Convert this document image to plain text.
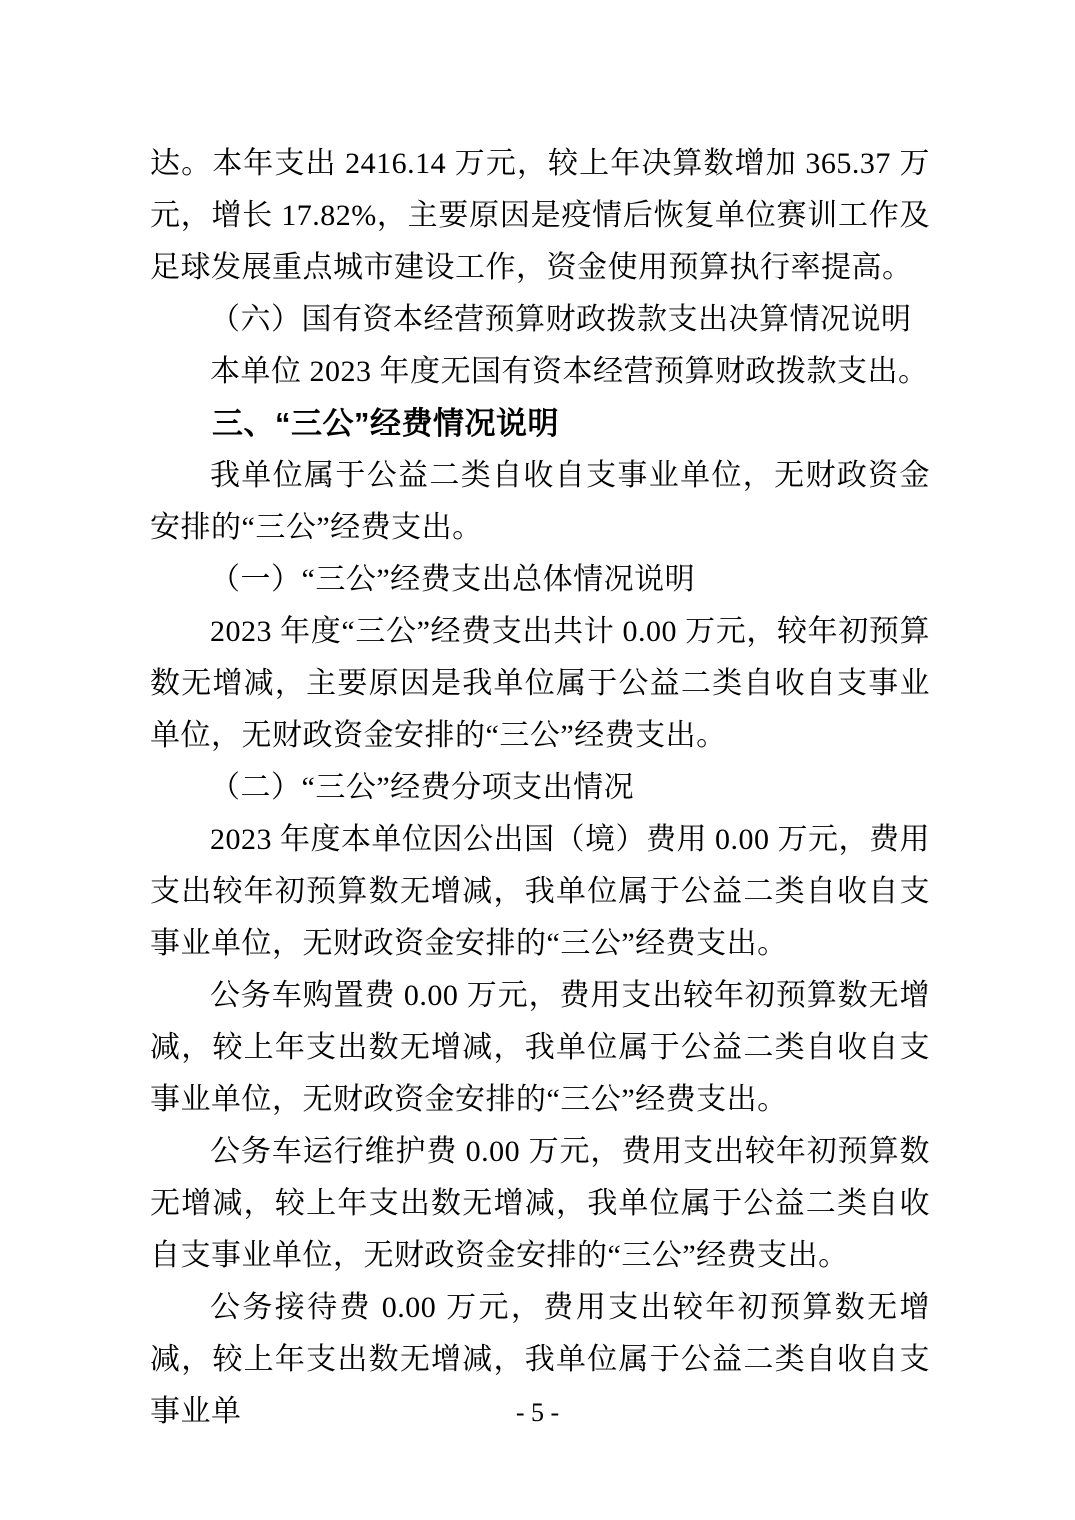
达。本年支出 2416.14 万元，较上年决算数增加 365.37 万元，增长 17.82%，主要原因是疫情后恢复单位赛训工作及足球发展重点城市建设工作，资金使用预算执行率提高。

（六）国有资本经营预算财政拨款支出决算情况说明

本单位 2023 年度无国有资本经营预算财政拨款支出。

三、“三公”经费情况说明

我单位属于公益二类自收自支事业单位，无财政资金安排的“三公”经费支出。

（一）“三公”经费支出总体情况说明

2023 年度“三公”经费支出共计 0.00 万元，较年初预算数无增减，主要原因是我单位属于公益二类自收自支事业单位，无财政资金安排的“三公”经费支出。

（二）“三公”经费分项支出情况

2023 年度本单位因公出国（境）费用 0.00 万元，费用支出较年初预算数无增减，我单位属于公益二类自收自支事业单位，无财政资金安排的“三公”经费支出。

公务车购置费 0.00 万元，费用支出较年初预算数无增减，较上年支出数无增减，我单位属于公益二类自收自支事业单位，无财政资金安排的“三公”经费支出。

公务车运行维护费 0.00 万元，费用支出较年初预算数无增减，较上年支出数无增减，我单位属于公益二类自收自支事业单位，无财政资金安排的“三公”经费支出。

公务接待费 0.00 万元，费用支出较年初预算数无增减，较上年支出数无增减，我单位属于公益二类自收自支事业单	- 5 -
